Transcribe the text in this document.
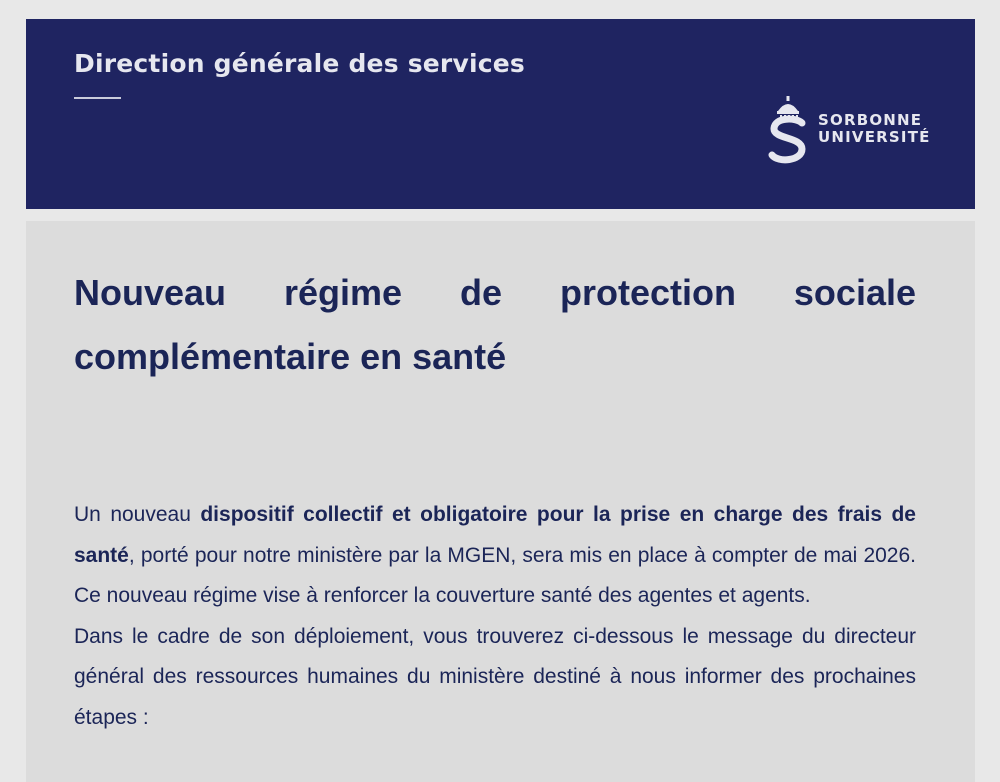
Direction générale des services
SORBONNE
UNIVERSITÉ
Nouveau régime de protection sociale complémentaire en santé

Un nouveau dispositif collectif et obligatoire pour la prise en charge des frais de santé, porté pour notre ministère par la MGEN, sera mis en place à compter de mai 2026. Ce nouveau régime vise à renforcer la couverture santé des agentes et agents.

Dans le cadre de son déploiement, vous trouverez ci-dessous le message du directeur général des ressources humaines du ministère destiné à nous informer des prochaines étapes :
